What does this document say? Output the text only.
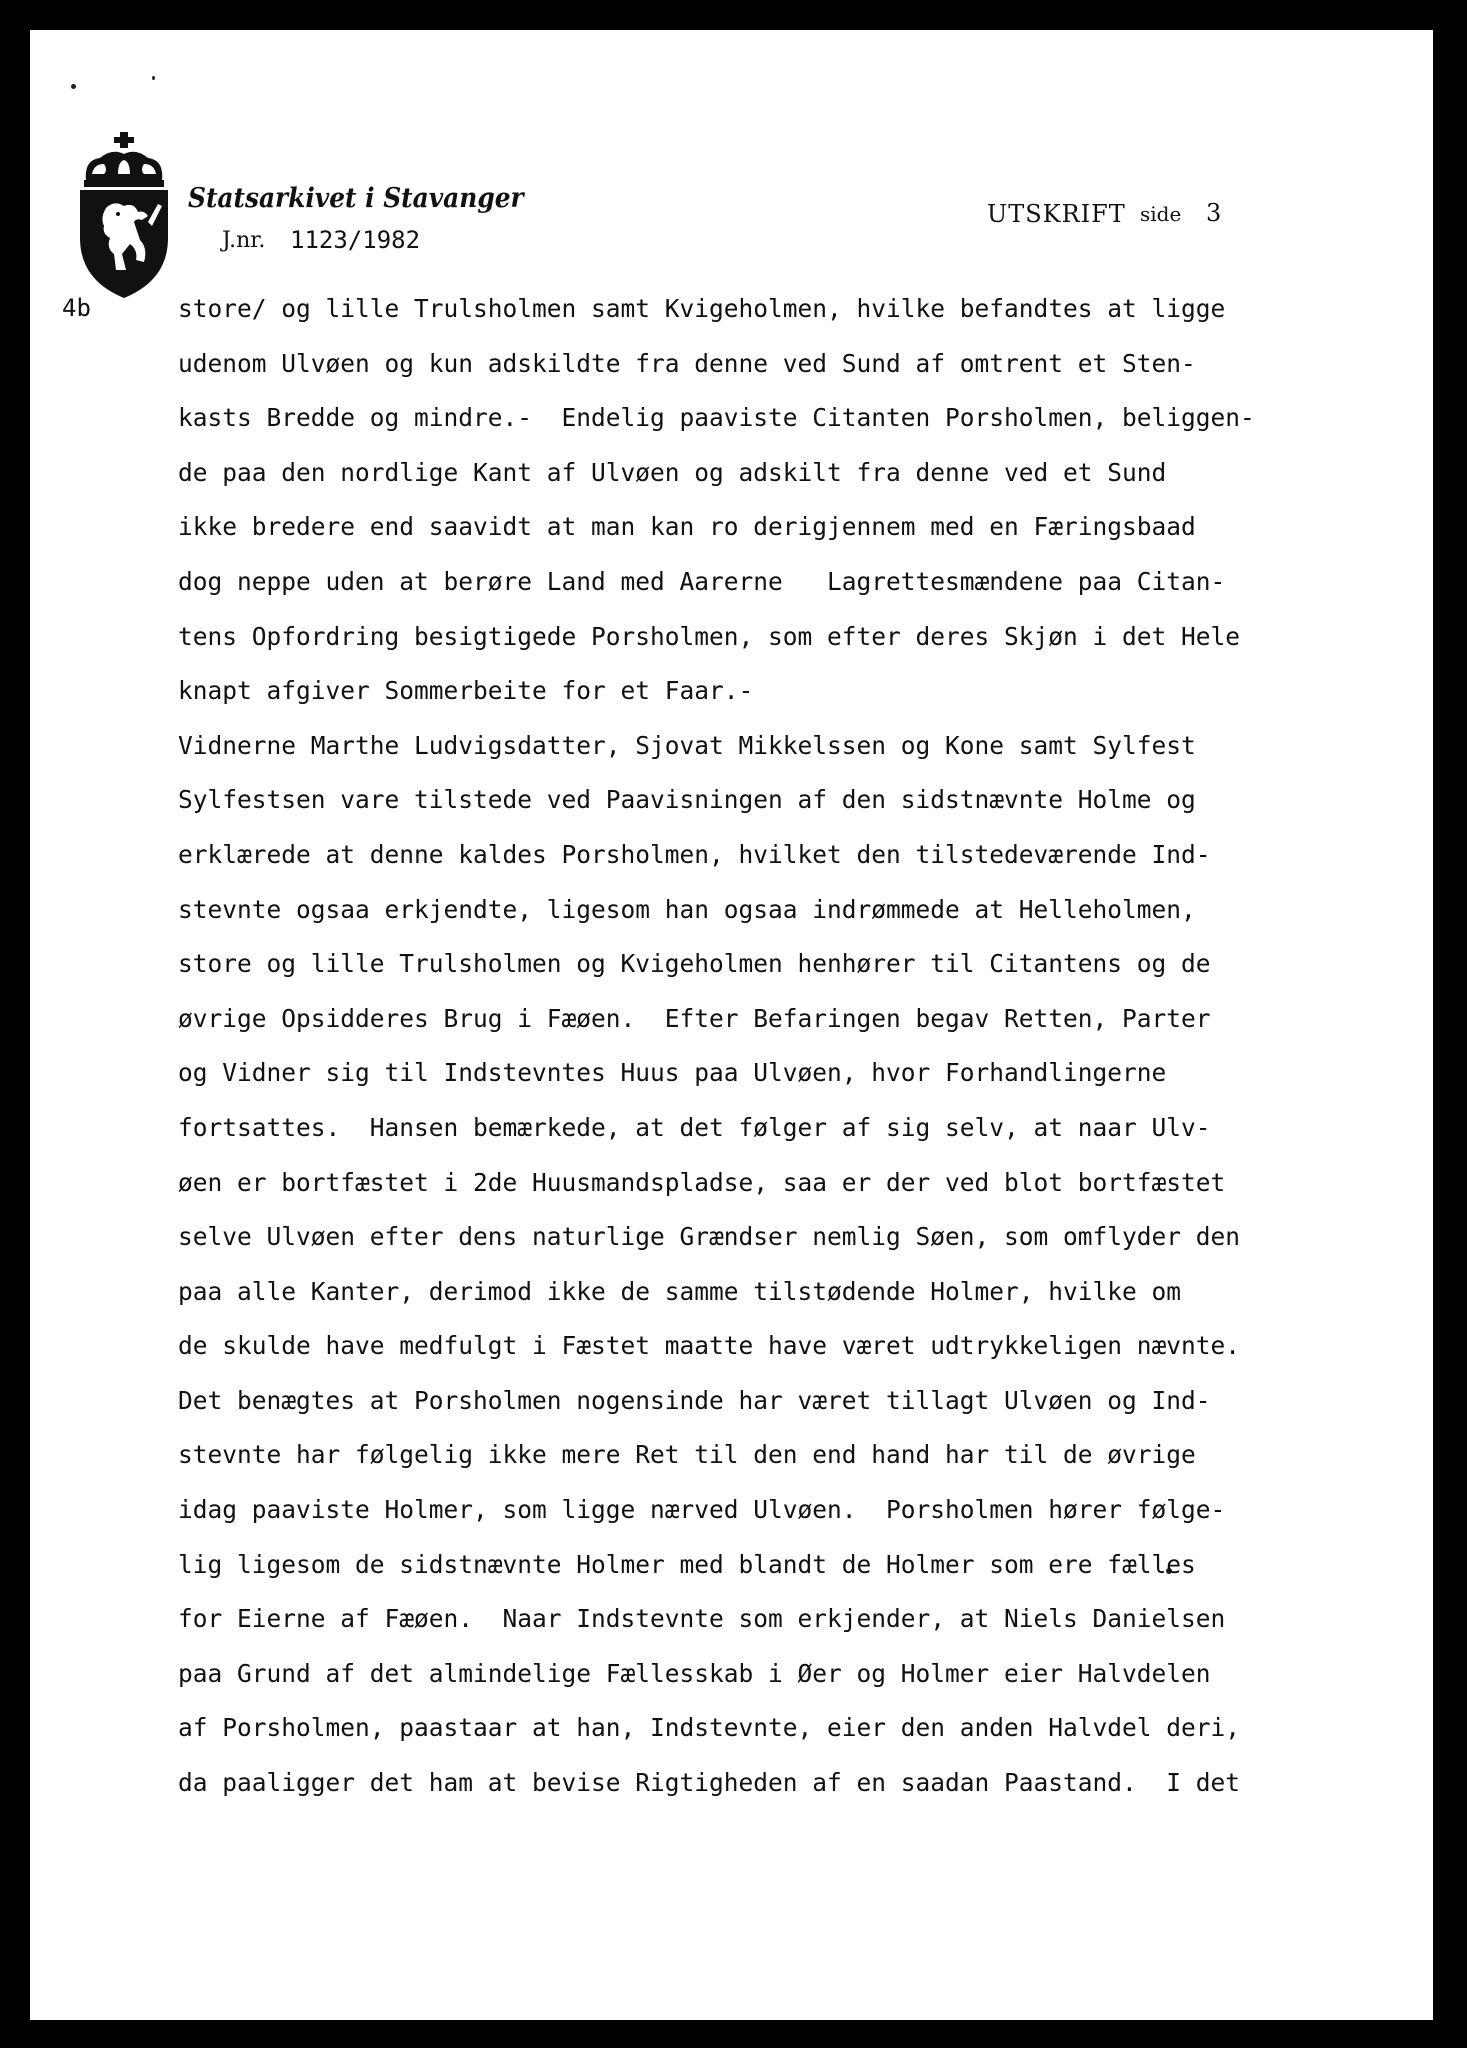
Statsarkivet i Stavanger
J.nr. 1123/1982
UTSKRIFT side 3
4b	store/ og lille Trulsholmen samt Kvigeholmen, hvilke befandtes at ligge
udenom Ulvøen og kun adskildte fra denne ved Sund af omtrent et Sten-
kasts Bredde og mindre.-  Endelig paaviste Citanten Porsholmen, beliggen-
de paa den nordlige Kant af Ulvøen og adskilt fra denne ved et Sund
ikke bredere end saavidt at man kan ro derigjennem med en Færingsbaad
dog neppe uden at berøre Land med Aarerne   Lagrettesmændene paa Citan-
tens Opfordring besigtigede Porsholmen, som efter deres Skjøn i det Hele
knapt afgiver Sommerbeite for et Faar.-
Vidnerne Marthe Ludvigsdatter, Sjovat Mikkelssen og Kone samt Sylfest
Sylfestsen vare tilstede ved Paavisningen af den sidstnævnte Holme og
erklærede at denne kaldes Porsholmen, hvilket den tilstedeværende Ind-
stevnte ogsaa erkjendte, ligesom han ogsaa indrømmede at Helleholmen,
store og lille Trulsholmen og Kvigeholmen henhører til Citantens og de
øvrige Opsidderes Brug i Fæøen.  Efter Befaringen begav Retten, Parter
og Vidner sig til Indstevntes Huus paa Ulvøen, hvor Forhandlingerne
fortsattes.  Hansen bemærkede, at det følger af sig selv, at naar Ulv-
øen er bortfæstet i 2de Huusmandspladse, saa er der ved blot bortfæstet
selve Ulvøen efter dens naturlige Grændser nemlig Søen, som omflyder den
paa alle Kanter, derimod ikke de samme tilstødende Holmer, hvilke om
de skulde have medfulgt i Fæstet maatte have været udtrykkeligen nævnte.
Det benægtes at Porsholmen nogensinde har været tillagt Ulvøen og Ind-
stevnte har følgelig ikke mere Ret til den end hand har til de øvrige
idag paaviste Holmer, som ligge nærved Ulvøen.  Porsholmen hører følge-
lig ligesom de sidstnævnte Holmer med blandt de Holmer som ere fælles
for Eierne af Fæøen.  Naar Indstevnte som erkjender, at Niels Danielsen
paa Grund af det almindelige Fællesskab i Øer og Holmer eier Halvdelen
af Porsholmen, paastaar at han, Indstevnte, eier den anden Halvdel deri,
da paaligger det ham at bevise Rigtigheden af en saadan Paastand.  I det
